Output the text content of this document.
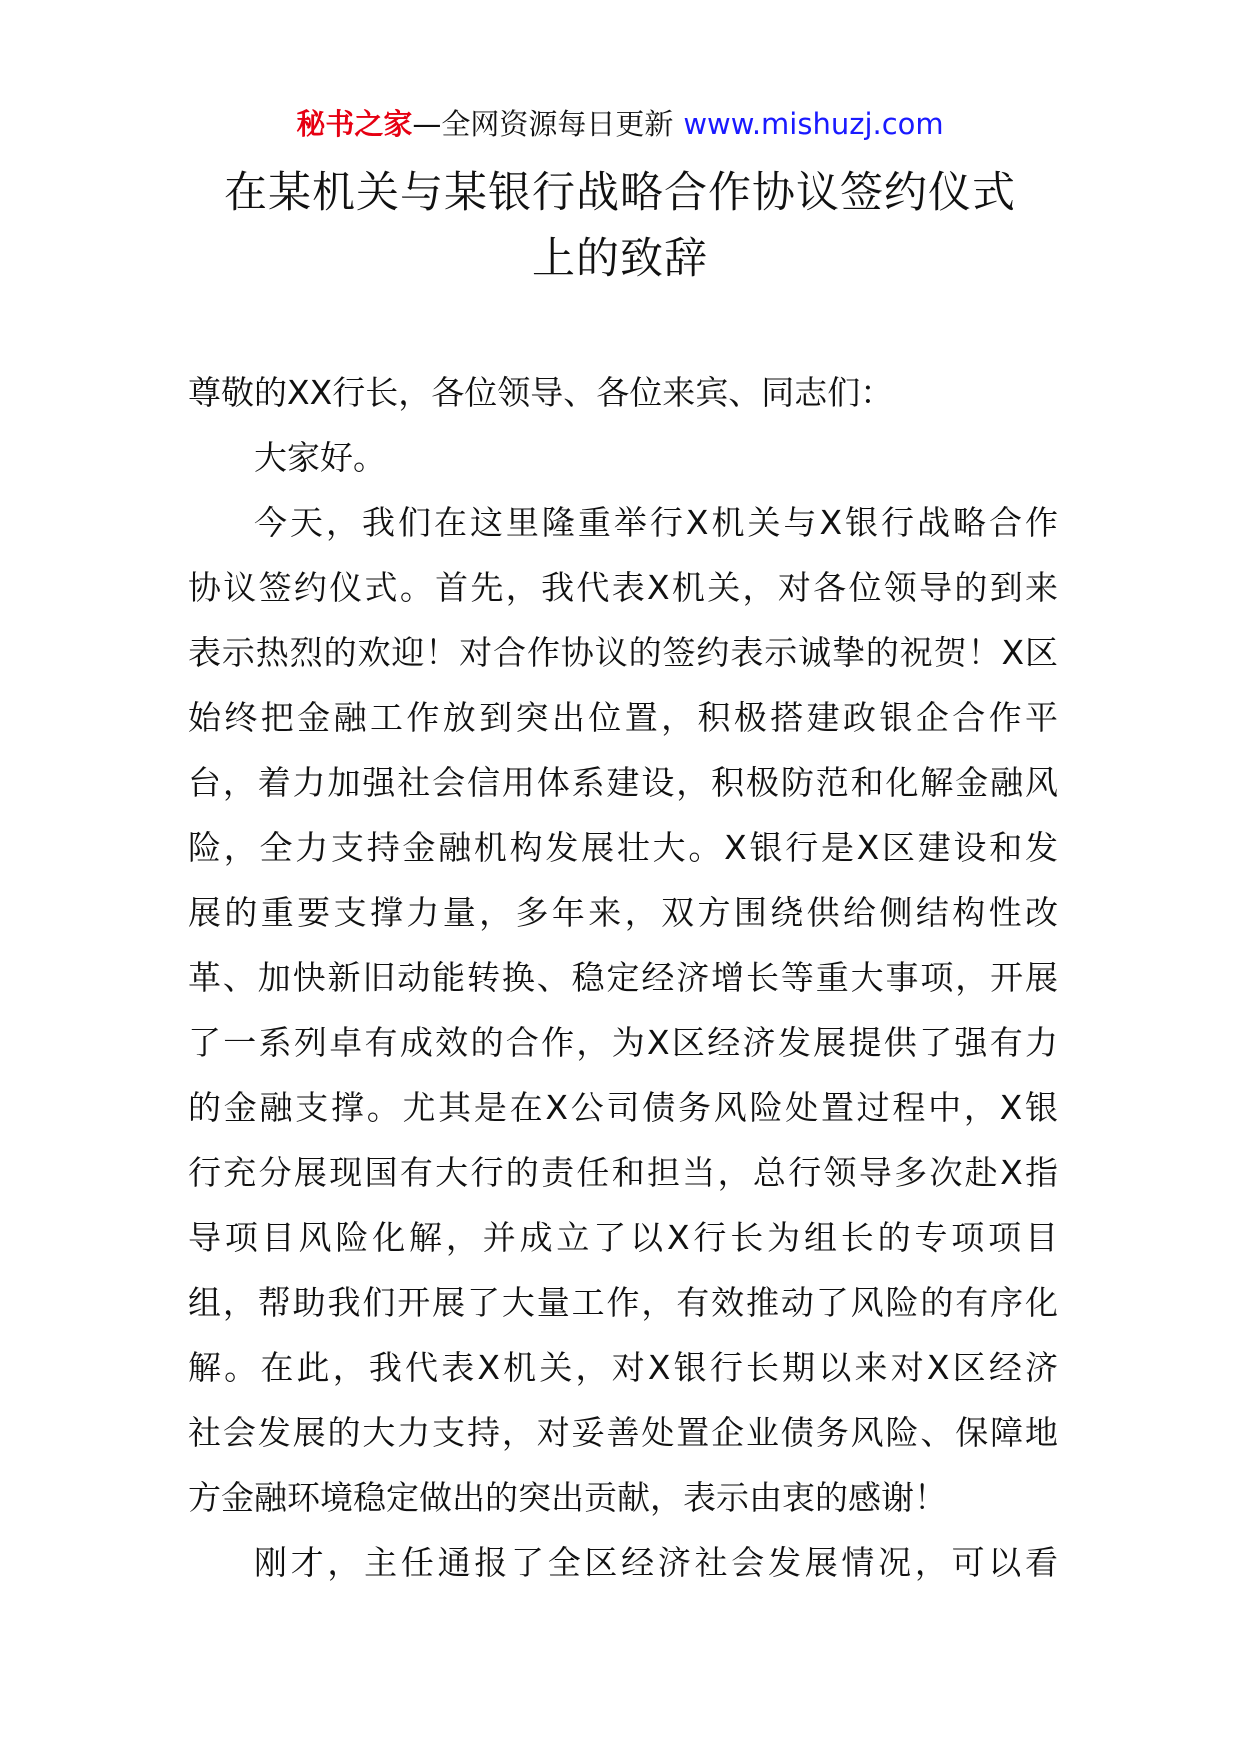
秘书之家—全网资源每日更新 www.mishuzj.com
在某机关与某银行战略合作协议签约仪式
上的致辞
尊敬的XX行长，各位领导、各位来宾、同志们：
大家好。
今天，我们在这里隆重举行X机关与X银行战略合作
协议签约仪式。首先，我代表X机关，对各位领导的到来
表示热烈的欢迎！对合作协议的签约表示诚挚的祝贺！X区
始终把金融工作放到突出位置，积极搭建政银企合作平
台，着力加强社会信用体系建设，积极防范和化解金融风
险，全力支持金融机构发展壮大。X银行是X区建设和发
展的重要支撑力量，多年来，双方围绕供给侧结构性改
革、加快新旧动能转换、稳定经济增长等重大事项，开展
了一系列卓有成效的合作，为X区经济发展提供了强有力
的金融支撑。尤其是在X公司债务风险处置过程中，X银
行充分展现国有大行的责任和担当，总行领导多次赴X指
导项目风险化解，并成立了以X行长为组长的专项项目
组，帮助我们开展了大量工作，有效推动了风险的有序化
解。在此，我代表X机关，对X银行长期以来对X区经济
社会发展的大力支持，对妥善处置企业债务风险、保障地
方金融环境稳定做出的突出贡献，表示由衷的感谢！
刚才，主任通报了全区经济社会发展情况，可以看
